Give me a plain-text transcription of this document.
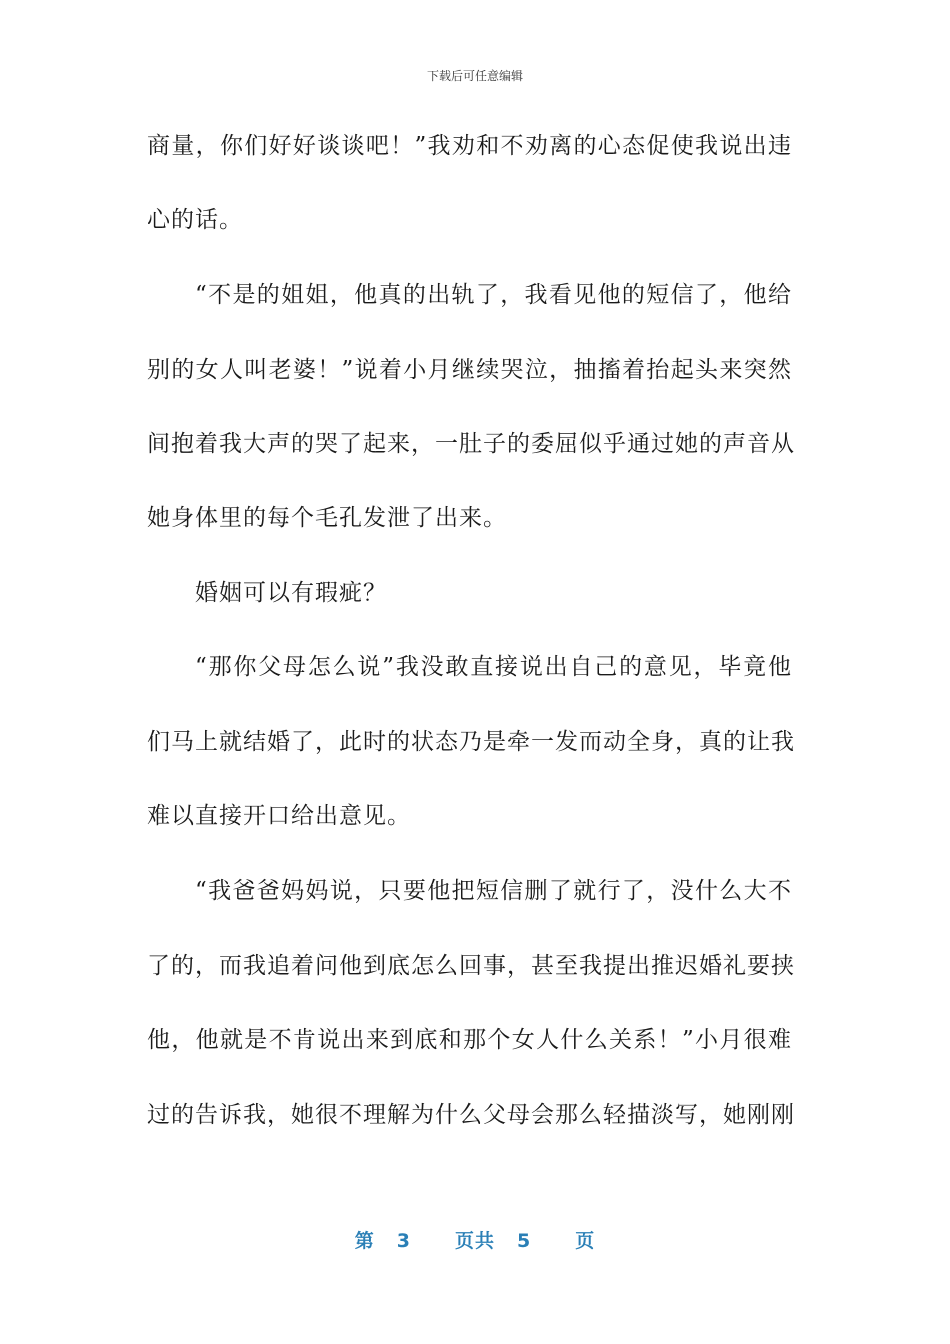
下载后可任意编辑
商量，你们好好谈谈吧！”我劝和不劝离的心态促使我说出违
心的话。
“不是的姐姐，他真的出轨了，我看见他的短信了，他给
别的女人叫老婆！”说着小月继续哭泣，抽搐着抬起头来突然
间抱着我大声的哭了起来，一肚子的委屈似乎通过她的声音从
她身体里的每个毛孔发泄了出来。
婚姻可以有瑕疵？
“那你父母怎么说”我没敢直接说出自己的意见，毕竟他
们马上就结婚了，此时的状态乃是牵一发而动全身，真的让我
难以直接开口给出意见。
“我爸爸妈妈说，只要他把短信删了就行了，没什么大不
了的，而我追着问他到底怎么回事，甚至我提出推迟婚礼要挟
他，他就是不肯说出来到底和那个女人什么关系！”小月很难
过的告诉我，她很不理解为什么父母会那么轻描淡写，她刚刚
第 3 页共 5 页
